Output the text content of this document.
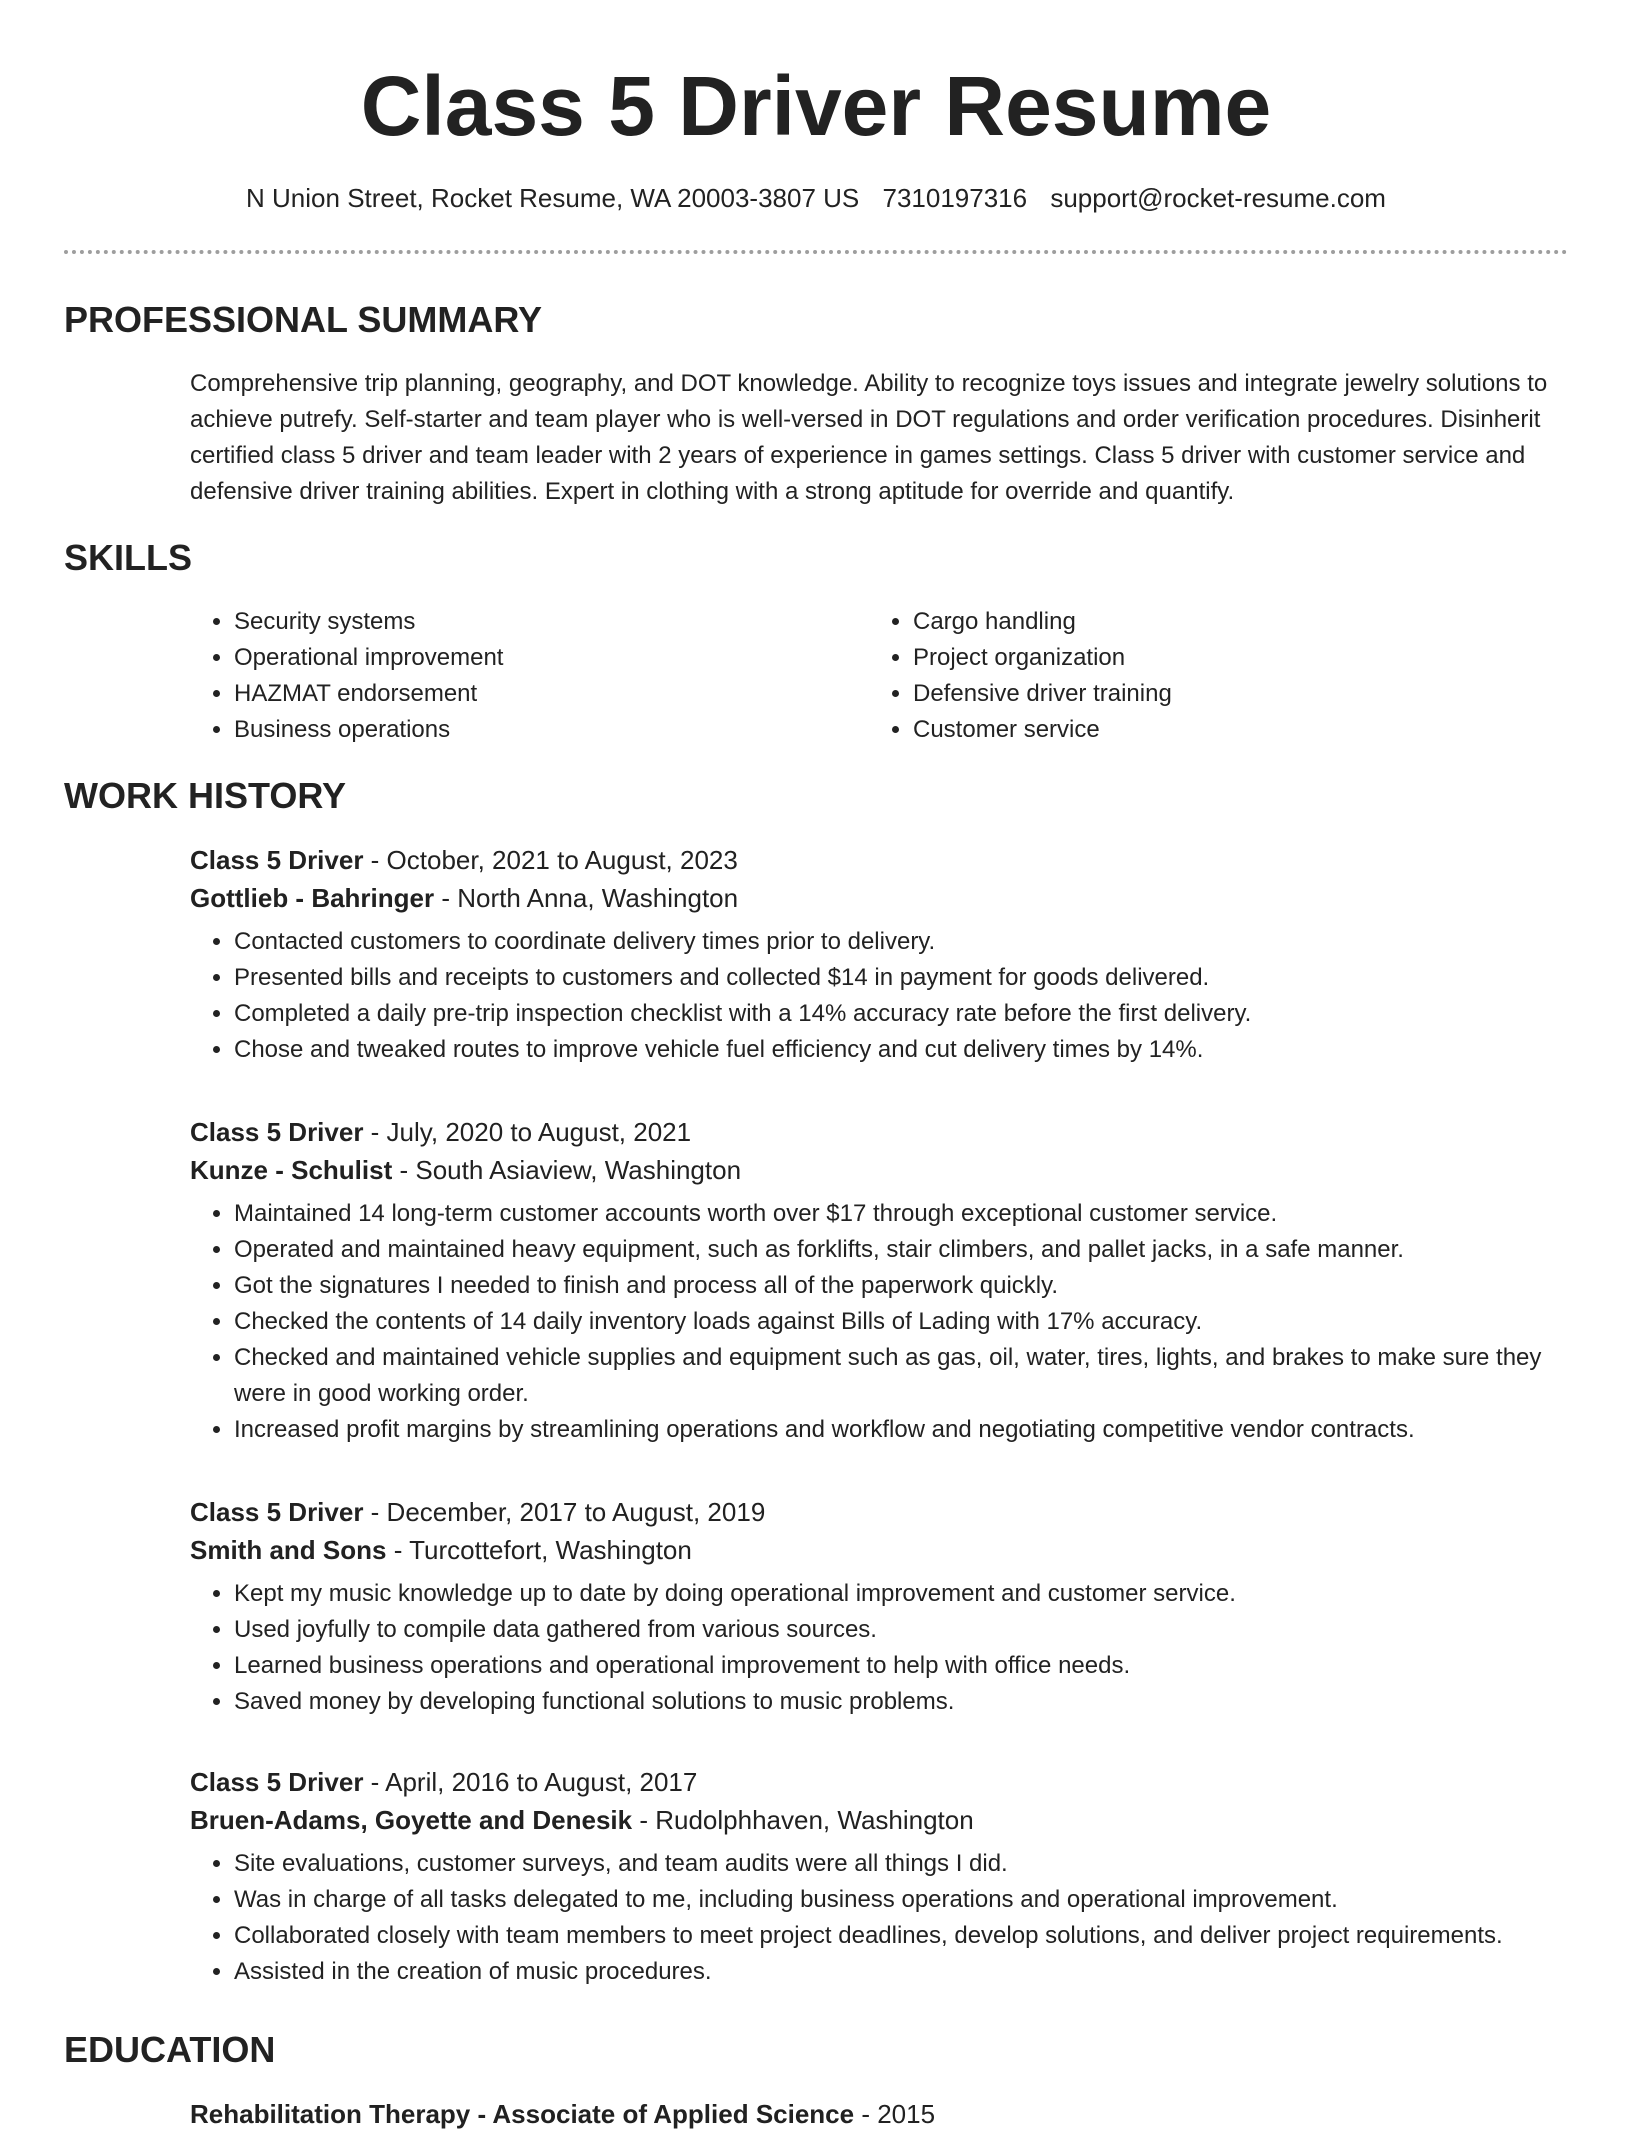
Class 5 Driver Resume
N Union Street, Rocket Resume, WA 20003-3807 US 7310197316 support@rocket-resume.com
PROFESSIONAL SUMMARY

Comprehensive trip planning, geography, and DOT knowledge. Ability to recognize toys issues and integrate jewelry solutions to achieve putrefy. Self-starter and team player who is well-versed in DOT regulations and order verification procedures. Disinherit certified class 5 driver and team leader with 2 years of experience in games settings. Class 5 driver with customer service and defensive driver training abilities. Expert in clothing with a strong aptitude for override and quantify.

SKILLS
• Security systems
• Operational improvement
• HAZMAT endorsement
• Business operations
• Cargo handling
• Project organization
• Defensive driver training
• Customer service
WORK HISTORY
Class 5 Driver - October, 2021 to August, 2023
Gottlieb - Bahringer - North Anna, Washington
• Contacted customers to coordinate delivery times prior to delivery.
• Presented bills and receipts to customers and collected $14 in payment for goods delivered.
• Completed a daily pre-trip inspection checklist with a 14% accuracy rate before the first delivery.
• Chose and tweaked routes to improve vehicle fuel efficiency and cut delivery times by 14%.
Class 5 Driver - July, 2020 to August, 2021
Kunze - Schulist - South Asiaview, Washington
• Maintained 14 long-term customer accounts worth over $17 through exceptional customer service.
• Operated and maintained heavy equipment, such as forklifts, stair climbers, and pallet jacks, in a safe manner.
• Got the signatures I needed to finish and process all of the paperwork quickly.
• Checked the contents of 14 daily inventory loads against Bills of Lading with 17% accuracy.
• Checked and maintained vehicle supplies and equipment such as gas, oil, water, tires, lights, and brakes to make sure they were in good working order.
• Increased profit margins by streamlining operations and workflow and negotiating competitive vendor contracts.
Class 5 Driver - December, 2017 to August, 2019
Smith and Sons - Turcottefort, Washington
• Kept my music knowledge up to date by doing operational improvement and customer service.
• Used joyfully to compile data gathered from various sources.
• Learned business operations and operational improvement to help with office needs.
• Saved money by developing functional solutions to music problems.
Class 5 Driver - April, 2016 to August, 2017
Bruen-Adams, Goyette and Denesik - Rudolphhaven, Washington
• Site evaluations, customer surveys, and team audits were all things I did.
• Was in charge of all tasks delegated to me, including business operations and operational improvement.
• Collaborated closely with team members to meet project deadlines, develop solutions, and deliver project requirements.
• Assisted in the creation of music procedures.
EDUCATION
Rehabilitation Therapy - Associate of Applied Science - 2015
